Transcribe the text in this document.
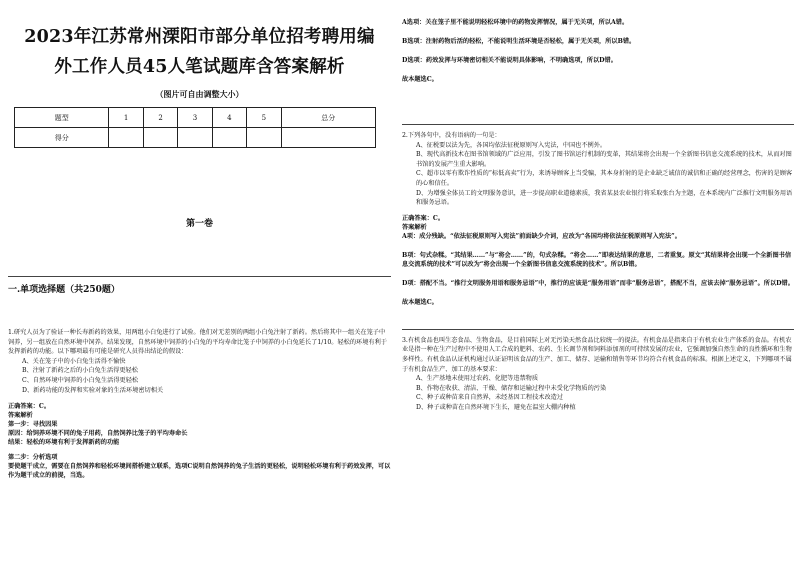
2023年江苏常州溧阳市部分单位招考聘用编
外工作人员45人笔试题库含答案解析
（图片可自由调整大小）
题型	1	2	3	4	5	总分
得分						
第一卷
一.单项选择题（共250题）

1.研究人员为了验证一种长寿新药的效果，用两组小白兔进行了试验。他们对无差别的两组小白兔注射了新药。然后将其中一组关在笼子中饲养，另一组放在自然环境中饲养。结果发现，自然环境中饲养的小白兔的平均寿命比笼子中饲养的小白兔延长了1/10。轻松的环境有利于发挥新药的功能。以下哪项最有可能是研究人员得出结论的假设：

A、关在笼子中的小白兔生活得不愉快

B、注射了新药之后的小白兔生活得更轻松

C、自然环境中饲养的小白兔生活得更轻松

D、新药功能的发挥和实验对象的生活环境密切相关

正确答案：C。

答案解析

第一步：寻找因果

原因：给饲养环境不同的兔子用药，自然饲养比笼子的平均寿命长

结果：轻松的环境有利于发挥新药的功能

第二步：分析选项

要使题干成立，需要在自然饲养和轻松环境间搭桥建立联系，选项C说明自然饲养的兔子生活的更轻松，说明轻松环境有利于药效发挥，可以作为题干成立的前提，当选。

A选项：关在笼子里不能说明轻松环境中的药物发挥情况，属于无关项，所以A错。

B选项：注射药物后活的轻松，不能说明生活环境是否轻松，属于无关项，所以B错。

D选项：药效发挥与环境密切相关不能说明具体影响，不明确选项，所以D错。

故本题选C。

2.下列各句中，没有语病的一句是：

A、征税要以法为先，各国均依法征税原则写入宪法，中国也不例外。

B、现代高新技术在图书馆领域的广泛应用，引发了图书馆运行机制的变革，其结果将会出现一个全新图书信息交流系统的技术，从而对图书馆的发展产生重大影响。

C、超市以零有欺诈性质的“标低高卖”行为，来诱导顾客上当受骗，其本身折射的是企业缺乏诚信的诚信和正确的经营理念，伤害的是顾客的心和信任。

D、为增强全体员工的文明服务意识，进一步提高职业道德素质，我省某县农业银行将采取张台为主题，在本系统内广泛推行文明服务用语和服务忌语。

正确答案：C。

答案解析

A项：成分残缺。“依法征税原则写入宪法”前面缺少介词，应改为“各国均将依法征税原则写入宪法”。

B项：句式杂糅。“其结果……”与“将会……”的，句式杂糅。“将会……”即表达结果的意思，二者重复。原文“其结果将会出现一个全新图书信息交流系统的技术”可以改为“将会出现一个全新图书信息交流系统的技术”。所以B错。

D项：搭配不当。“推行文明服务用语和服务忌语”中，推行的应该是“服务用语”而非“服务忌语”，搭配不当，应该去掉“服务忌语”。所以D错。

故本题选C。

3.有机食品也叫生态食品、生物食品，是目前国际上对无污染天然食品比较统一的提法。有机食品是指来自于有机农业生产体系的食品。有机农业是指一种在生产过程中不使用人工合成的肥料、农药、生长调节剂和饲料添加剂的可持续发展的农业，它强调加强自然生命的良性循环和生物多样性。有机食品认证机构通过认证证明该食品的生产、加工、储存、运输和销售等环节均符合有机食品的标准。根据上述定义，下列哪项不属于有机食品生产、加工的基本要求：

A、生产基地未使用过农药、化肥等违禁物质

B、作物在收获、清洁、干燥、储存和运输过程中未受化学物质的污染

C、种子或种苗来自自然界，未经基因工程技术改造过

D、种子或种苗在自然环境下生长，避免在温室大棚内种植
